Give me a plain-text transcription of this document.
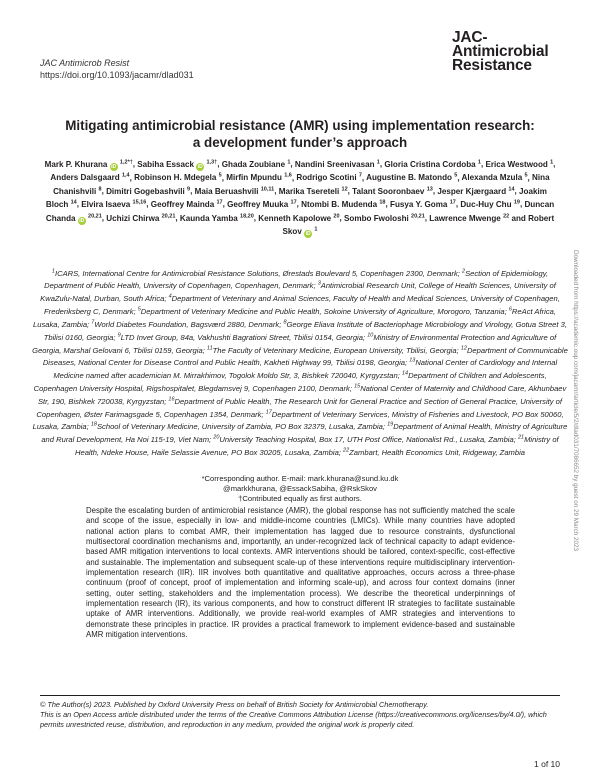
JAC Antimicrob Resist
https://doi.org/10.1093/jacamr/dlad031
JAC-
Antimicrobial
Resistance
Mitigating antimicrobial resistance (AMR) using implementation research: a development funder’s approach
Mark P. Khurana iD $^{1,2*\dagger}$, Sabiha Essack iD $^{1,3\dagger}$, Ghada Zoubiane $^1$, Nandini Sreenivasan $^1$, Gloria Cristina Cordoba $^1$, Erica Westwood $^1$, Anders Dalsgaard $^{1,4}$, Robinson H. Mdegela $^5$, Mirfin Mpundu $^{1,6}$, Rodrigo Scotini $^7$, Augustine B. Matondo $^5$, Alexanda Mzula $^5$, Nina Chanishvili $^8$, Dimitri Gogebashvili $^9$, Maia Beruashvili $^{10,11}$, Marika Tsereteli $^{12}$, Talant Sooronbaev $^{13}$, Jesper Kjærgaard $^{14}$, Joakim Bloch $^{14}$, Elvira Isaeva $^{15,16}$, Geoffrey Mainda $^{17}$, Geoffrey Muuka $^{17}$, Ntombi B. Mudenda $^{18}$, Fusya Y. Goma $^{17}$, Duc-Huy Chu $^{19}$, Duncan Chanda iD $^{20,21}$, Uchizi Chirwa $^{20,21}$, Kaunda Yamba $^{18,20}$, Kenneth Kapolowe $^{20}$, Sombo Fwoloshi $^{20,21}$, Lawrence Mwenge $^{22}$ and Robert Skov iD $^1$
$^1$ICARS, International Centre for Antimicrobial Resistance Solutions, Ørestads Boulevard 5, Copenhagen 2300, Denmark; $^2$Section of Epidemiology, Department of Public Health, University of Copenhagen, Copenhagen, Denmark; $^3$Antimicrobial Research Unit, College of Health Sciences, University of KwaZulu-Natal, Durban, South Africa; $^4$Department of Veterinary and Animal Sciences, Faculty of Health and Medical Sciences, University of Copenhagen, Frederiksberg C, Denmark; $^5$Department of Veterinary Medicine and Public Health, Sokoine University of Agriculture, Morogoro, Tanzania; $^6$ReAct Africa, Lusaka, Zambia; $^7$World Diabetes Foundation, Bagsværd 2880, Denmark; $^8$George Eliava Institute of Bacteriophage Microbiology and Virology, Gotua Street 3, Tbilisi 0160, Georgia; $^9$LTD Invet Group, 84a, Vakhushti Bagrationi Street, Tbilisi 0154, Georgia; $^{10}$Ministry of Environmental Protection and Agriculture of Georgia, Marshal Gelovani 6, Tbilisi 0159, Georgia; $^{11}$The Faculty of Veterinary Medicine, European University, Tbilisi, Georgia; $^{12}$Department of Communicable Diseases, National Center for Disease Control and Public Health, Kakheti Highway 99, Tbilisi 0198, Georgia; $^{13}$National Center of Cardiology and Internal Medicine named after academician M. Mirrakhimov, Togolok Moldo Str, 3, Bishkek 720040, Kyrgyzstan; $^{14}$Department of Children and Adolescents, Copenhagen University Hospital, Rigshospitalet, Blegdamsvej 9, Copenhagen 2100, Denmark; $^{15}$National Center of Maternity and Childhood Care, Akhunbaev Str, 190, Bishkek 720038, Kyrgyzstan; $^{16}$Department of Public Health, The Research Unit for General Practice and Section of General Practice, University of Copenhagen, Øster Farimagsgade 5, Copenhagen 1354, Denmark; $^{17}$Department of Veterinary Services, Ministry of Fisheries and Livestock, PO Box 50060, Lusaka, Zambia; $^{18}$School of Veterinary Medicine, University of Zambia, PO Box 32379, Lusaka, Zambia; $^{19}$Department of Animal Health, Ministry of Agriculture and Rural Development, Ha Noi 115-19, Viet Nam; $^{20}$University Teaching Hospital, Box 17, UTH Post Office, Nationalist Rd., Lusaka, Zambia; $^{21}$Ministry of Health, Ndeke House, Haile Selassie Avenue, PO Box 30205, Lusaka, Zambia; $^{22}$Zambart, Health Economics Unit, Ridgeway, Zambia
*Corresponding author. E-mail: mark.khurana@sund.ku.dk
@markkhurana, @EssackSabiha, @RskSkov
†Contributed equally as first authors.

Despite the escalating burden of antimicrobial resistance (AMR), the global response has not sufficiently matched the scale and scope of the issue, especially in low- and middle-income countries (LMICs). While many countries have adopted national action plans to combat AMR, their implementation has lagged due to resource constraints, dysfunctional multisectoral coordination mechanisms and, importantly, an under-recognized lack of technical capacity to adapt evidence-based AMR mitigation interventions to local contexts. AMR interventions should be tailored, context-specific, cost-effective and sustainable. The implementation and subsequent scale-up of these interventions require multidisciplinary intervention-implementation research (IIR). IIR involves both quantitative and qualitative approaches, occurs across a three-phase continuum (proof of concept, proof of implementation and informing scale-up), and across four context domains (inner setting, outer setting, stakeholders and the implementation process). We describe the theoretical underpinnings of implementation research (IR), its various components, and how to construct different IR strategies to facilitate sustainable uptake of AMR interventions. Additionally, we provide real-world examples of AMR strategies and interventions to demonstrate these principles in practice. IR provides a practical framework to implement evidence-based and sustainable AMR mitigation interventions.

© The Author(s) 2023. Published by Oxford University Press on behalf of British Society for Antimicrobial Chemotherapy.
This is an Open Access article distributed under the terms of the Creative Commons Attribution License (https://creativecommons.org/licenses/by/4.0/), which permits unrestricted reuse, distribution, and reproduction in any medium, provided the original work is properly cited.
1 of 10
Downloaded from https://academic.oup.com/jacamr/article/5/2/dlad031/7086652 by guest on 29 March 2023
